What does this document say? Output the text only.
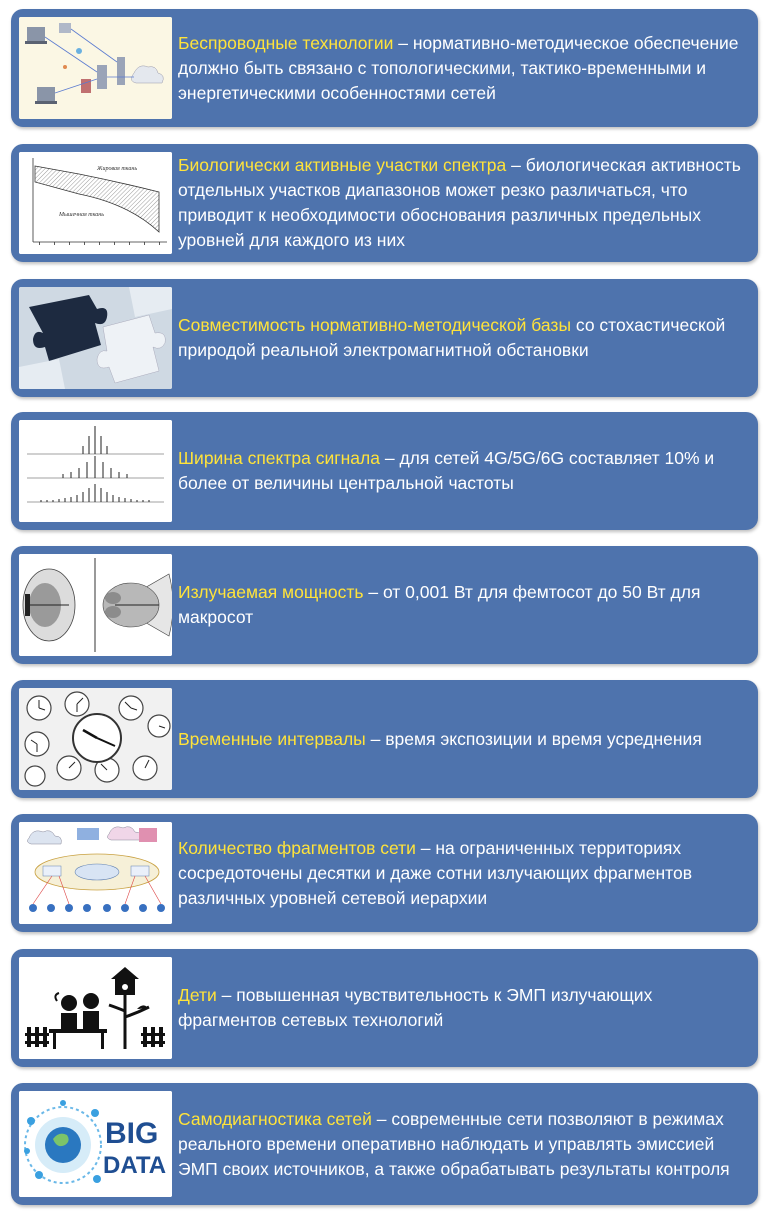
Беспроводные технологии – нормативно-методическое обеспечение должно быть связано с топологическими, тактико-временными и энергетическими особенностями сетей

Жировая ткань
Мышечная ткань

Биологически активные участки спектра – биологическая активность отдельных участков диапазонов может резко различаться, что приводит к необходимости обоснования различных предельных уровней для каждого из них

Совместимость нормативно-методической базы со стохастической природой реальной электромагнитной обстановки

Ширина спектра сигнала – для сетей 4G/5G/6G составляет 10% и более от величины центральной частоты

Излучаемая мощность – от 0,001 Вт для фемтосот до 50 Вт для макросот

Временные интервалы – время экспозиции и время усреднения

Количество фрагментов сети – на ограниченных территориях сосредоточены десятки и даже сотни излучающих фрагментов различных уровней сетевой иерархии

Дети – повышенная чувствительность к ЭМП излучающих фрагментов сетевых технологий

BIG
DATA

Самодиагностика сетей – современные сети позволяют в режимах реального времени оперативно наблюдать и управлять эмиссией ЭМП своих источников, а также обрабатывать результаты контроля
